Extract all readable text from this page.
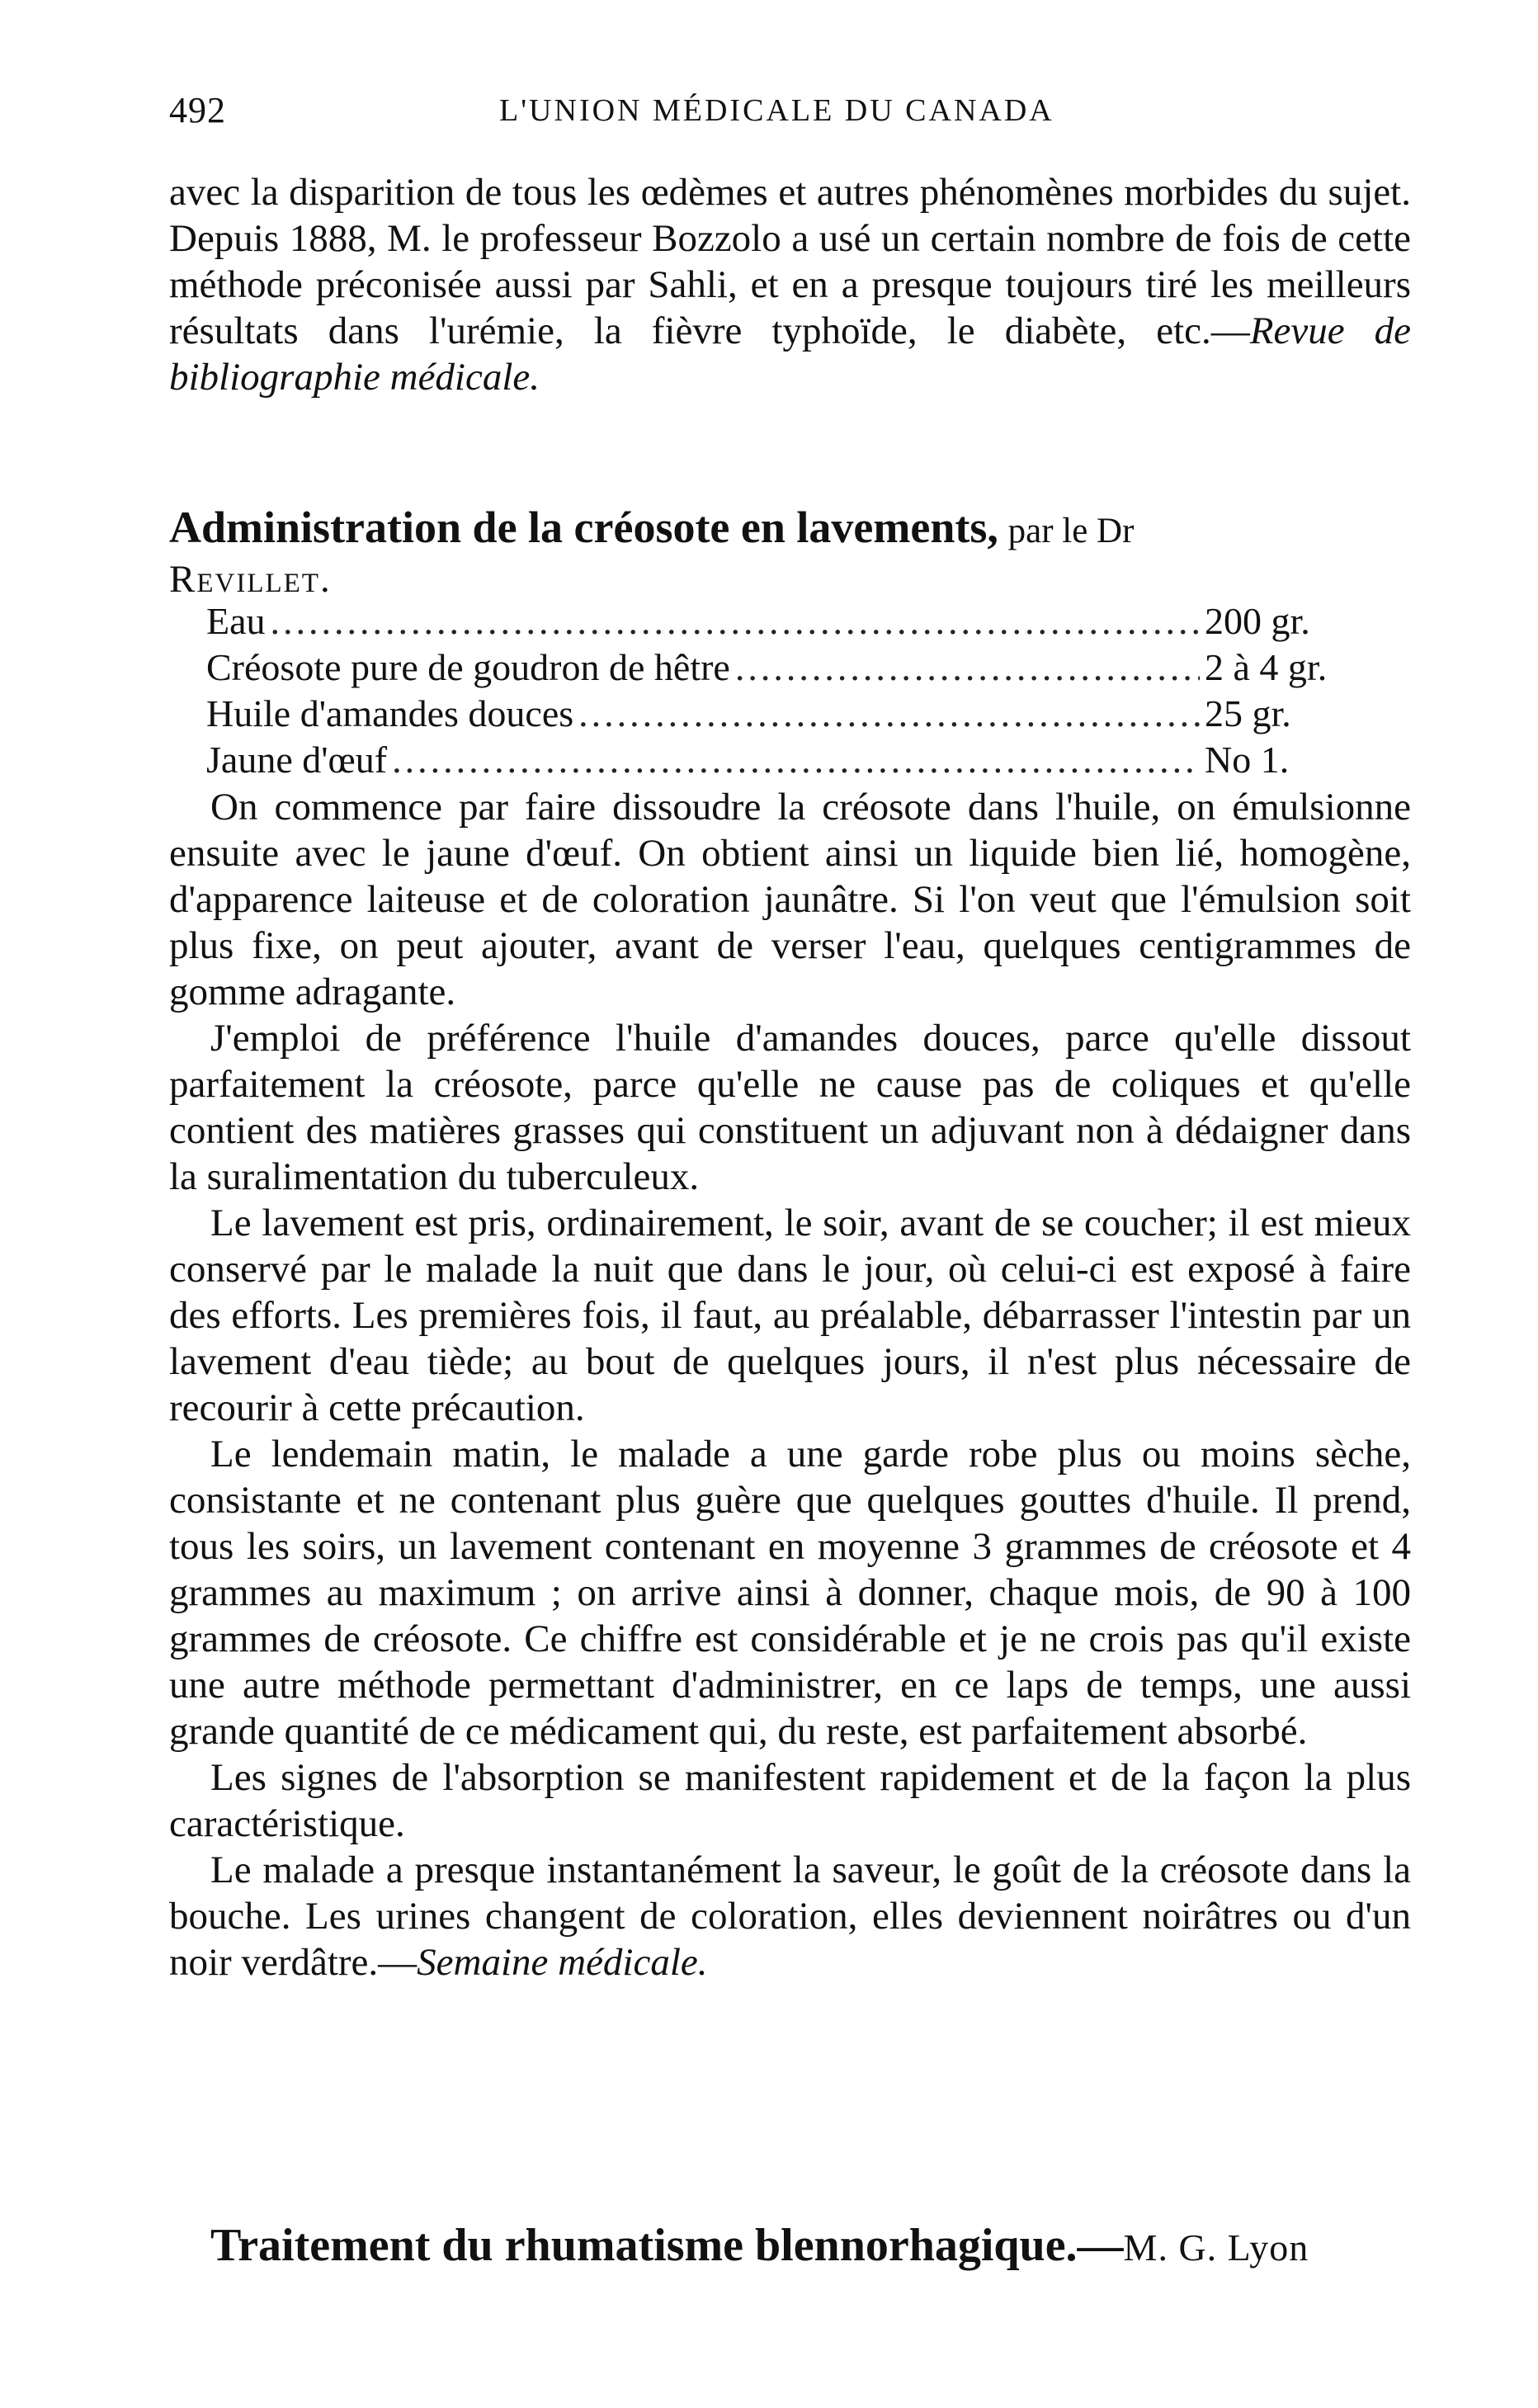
492	L'UNION MÉDICALE DU CANADA

avec la disparition de tous les œdèmes et autres phénomènes morbides du sujet. Depuis 1888, M. le professeur Bozzolo a usé un certain nombre de fois de cette méthode préconisée aussi par Sahli, et en a presque toujours tiré les meilleurs résultats dans l'urémie, la fièvre typhoïde, le diabète, etc.—Revue de bibliographie médicale.

Administration de la créosote en lavements, par le Dr
Revillet.
Eau .....	200 gr.
Créosote pure de goudron de hêtre .....	2 à 4 gr.
Huile d'amandes douces .....	25 gr.
Jaune d'œuf .....	No 1.

On commence par faire dissoudre la créosote dans l'huile, on émulsionne ensuite avec le jaune d'œuf. On obtient ainsi un liquide bien lié, homogène, d'apparence laiteuse et de coloration jaunâtre. Si l'on veut que l'émulsion soit plus fixe, on peut ajouter, avant de verser l'eau, quelques centigrammes de gomme adragante.

J'emploi de préférence l'huile d'amandes douces, parce qu'elle dissout parfaitement la créosote, parce qu'elle ne cause pas de coliques et qu'elle contient des matières grasses qui constituent un adjuvant non à dédaigner dans la suralimentation du tuberculeux.

Le lavement est pris, ordinairement, le soir, avant de se coucher; il est mieux conservé par le malade la nuit que dans le jour, où celui-ci est exposé à faire des efforts. Les premières fois, il faut, au préalable, débarrasser l'intestin par un lavement d'eau tiède; au bout de quelques jours, il n'est plus nécessaire de recourir à cette précaution.

Le lendemain matin, le malade a une garde robe plus ou moins sèche, consistante et ne contenant plus guère que quelques gouttes d'huile. Il prend, tous les soirs, un lavement contenant en moyenne 3 grammes de créosote et 4 grammes au maximum ; on arrive ainsi à donner, chaque mois, de 90 à 100 grammes de créosote. Ce chiffre est considérable et je ne crois pas qu'il existe une autre méthode permettant d'administrer, en ce laps de temps, une aussi grande quantité de ce médicament qui, du reste, est parfaitement absorbé.

Les signes de l'absorption se manifestent rapidement et de la façon la plus caractéristique.

Le malade a presque instantanément la saveur, le goût de la créosote dans la bouche. Les urines changent de coloration, elles deviennent noirâtres ou d'un noir verdâtre.—Semaine médicale.

Traitement du rhumatisme blennorhagique.—M. G. Lyon
